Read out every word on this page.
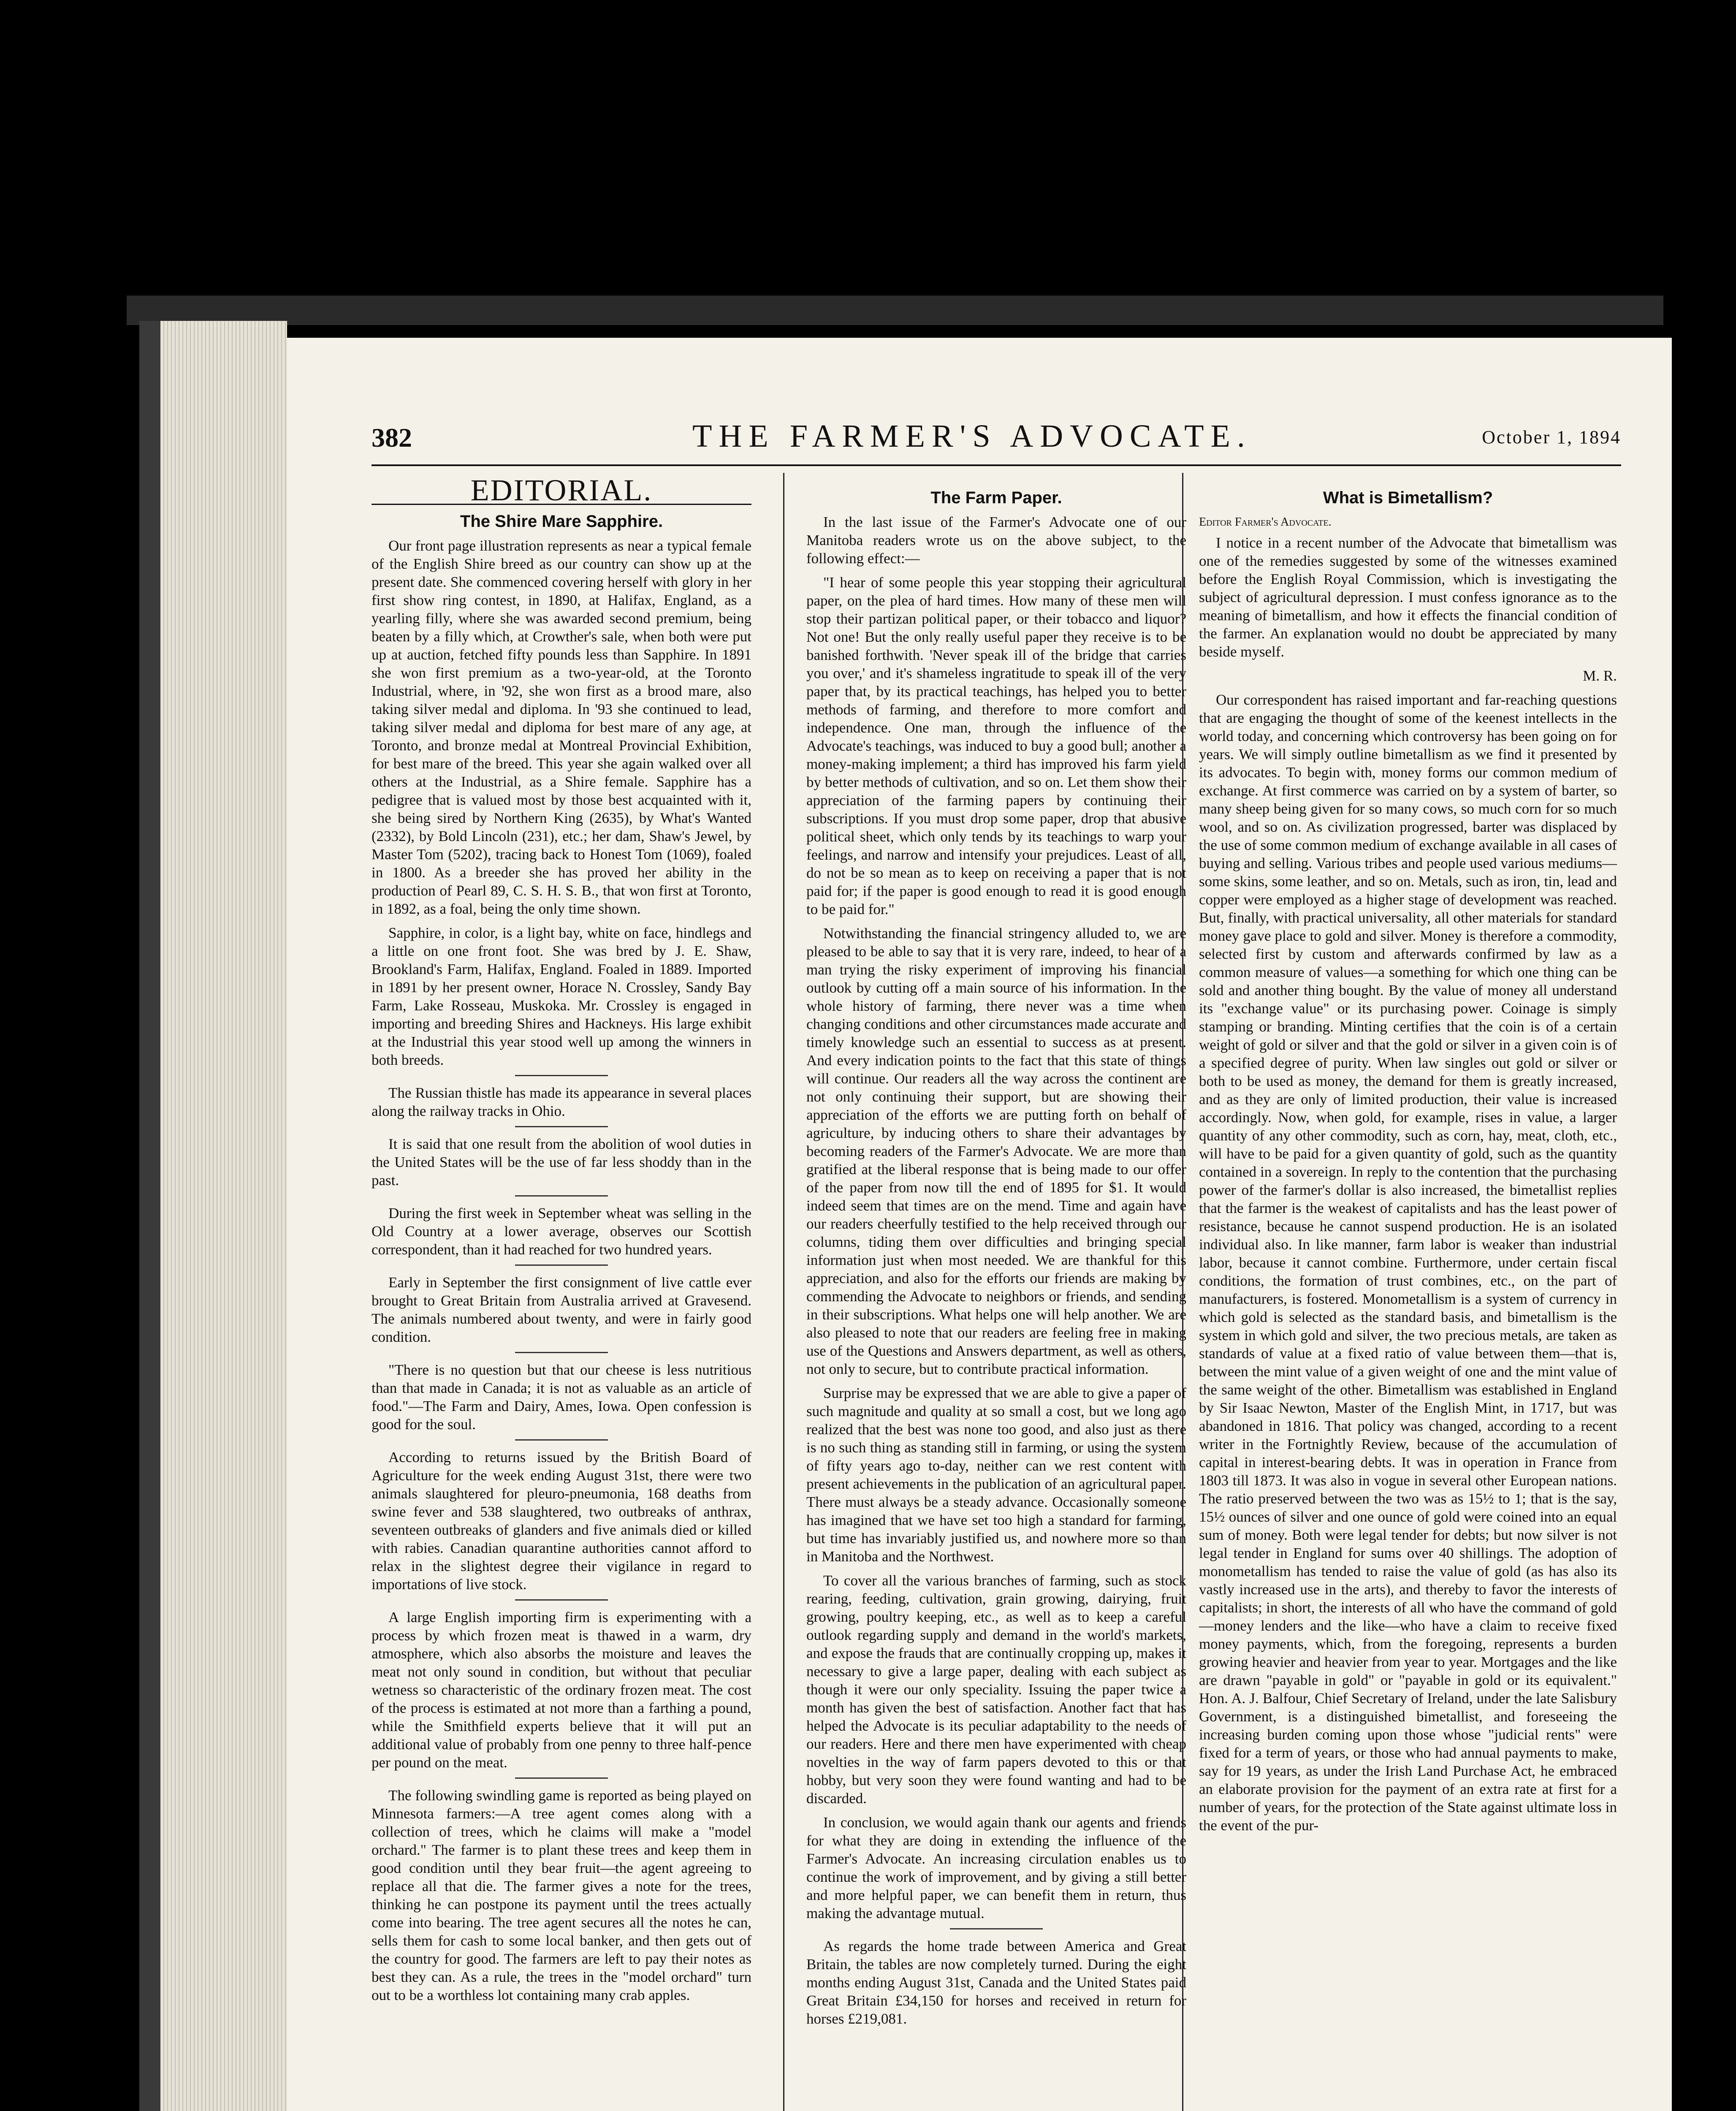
382	THE FARMER'S ADVOCATE.	October 1, 1894
EDITORIAL.
The Shire Mare Sapphire.

Our front page illustration represents as near a typical female of the English Shire breed as our country can show up at the present date. She commenced covering herself with glory in her first show ring contest, in 1890, at Halifax, England, as a yearling filly, where she was awarded second premium, being beaten by a filly which, at Crowther's sale, when both were put up at auction, fetched fifty pounds less than Sapphire. In 1891 she won first premium as a two-year-old, at the Toronto Industrial, where, in '92, she won first as a brood mare, also taking silver medal and diploma. In '93 she continued to lead, taking silver medal and diploma for best mare of any age, at Toronto, and bronze medal at Montreal Provincial Exhibition, for best mare of the breed. This year she again walked over all others at the Industrial, as a Shire female. Sapphire has a pedigree that is valued most by those best acquainted with it, she being sired by Northern King (2635), by What's Wanted (2332), by Bold Lincoln (231), etc.; her dam, Shaw's Jewel, by Master Tom (5202), tracing back to Honest Tom (1069), foaled in 1800. As a breeder she has proved her ability in the production of Pearl 89, C. S. H. S. B., that won first at Toronto, in 1892, as a foal, being the only time shown.

Sapphire, in color, is a light bay, white on face, hindlegs and a little on one front foot. She was bred by J. E. Shaw, Brookland's Farm, Halifax, England. Foaled in 1889. Imported in 1891 by her present owner, Horace N. Crossley, Sandy Bay Farm, Lake Rosseau, Muskoka. Mr. Crossley is engaged in importing and breeding Shires and Hackneys. His large exhibit at the Industrial this year stood well up among the winners in both breeds.

The Russian thistle has made its appearance in several places along the railway tracks in Ohio.

It is said that one result from the abolition of wool duties in the United States will be the use of far less shoddy than in the past.

During the first week in September wheat was selling in the Old Country at a lower average, observes our Scottish correspondent, than it had reached for two hundred years.

Early in September the first consignment of live cattle ever brought to Great Britain from Australia arrived at Gravesend. The animals numbered about twenty, and were in fairly good condition.

"There is no question but that our cheese is less nutritious than that made in Canada; it is not as valuable as an article of food."—The Farm and Dairy, Ames, Iowa. Open confession is good for the soul.

According to returns issued by the British Board of Agriculture for the week ending August 31st, there were two animals slaughtered for pleuro-pneumonia, 168 deaths from swine fever and 538 slaughtered, two outbreaks of anthrax, seventeen outbreaks of glanders and five animals died or killed with rabies. Canadian quarantine authorities cannot afford to relax in the slightest degree their vigilance in regard to importations of live stock.

A large English importing firm is experimenting with a process by which frozen meat is thawed in a warm, dry atmosphere, which also absorbs the moisture and leaves the meat not only sound in condition, but without that peculiar wetness so characteristic of the ordinary frozen meat. The cost of the process is estimated at not more than a farthing a pound, while the Smithfield experts believe that it will put an additional value of probably from one penny to three half-pence per pound on the meat.

The following swindling game is reported as being played on Minnesota farmers:—A tree agent comes along with a collection of trees, which he claims will make a "model orchard." The farmer is to plant these trees and keep them in good condition until they bear fruit—the agent agreeing to replace all that die. The farmer gives a note for the trees, thinking he can postpone its payment until the trees actually come into bearing. The tree agent secures all the notes he can, sells them for cash to some local banker, and then gets out of the country for good. The farmers are left to pay their notes as best they can. As a rule, the trees in the "model orchard" turn out to be a worthless lot containing many crab apples.

The Farm Paper.

In the last issue of the Farmer's Advocate one of our Manitoba readers wrote us on the above subject, to the following effect:—

"I hear of some people this year stopping their agricultural paper, on the plea of hard times. How many of these men will stop their partizan political paper, or their tobacco and liquor? Not one! But the only really useful paper they receive is to be banished forthwith. 'Never speak ill of the bridge that carries you over,' and it's shameless ingratitude to speak ill of the very paper that, by its practical teachings, has helped you to better methods of farming, and therefore to more comfort and independence. One man, through the influence of the Advocate's teachings, was induced to buy a good bull; another a money-making implement; a third has improved his farm yield by better methods of cultivation, and so on. Let them show their appreciation of the farming papers by continuing their subscriptions. If you must drop some paper, drop that abusive political sheet, which only tends by its teachings to warp your feelings, and narrow and intensify your prejudices. Least of all, do not be so mean as to keep on receiving a paper that is not paid for; if the paper is good enough to read it is good enough to be paid for."

Notwithstanding the financial stringency alluded to, we are pleased to be able to say that it is very rare, indeed, to hear of a man trying the risky experiment of improving his financial outlook by cutting off a main source of his information. In the whole history of farming, there never was a time when changing conditions and other circumstances made accurate and timely knowledge such an essential to success as at present. And every indication points to the fact that this state of things will continue. Our readers all the way across the continent are not only continuing their support, but are showing their appreciation of the efforts we are putting forth on behalf of agriculture, by inducing others to share their advantages by becoming readers of the Farmer's Advocate. We are more than gratified at the liberal response that is being made to our offer of the paper from now till the end of 1895 for $1. It would indeed seem that times are on the mend. Time and again have our readers cheerfully testified to the help received through our columns, tiding them over difficulties and bringing special information just when most needed. We are thankful for this appreciation, and also for the efforts our friends are making by commending the Advocate to neighbors or friends, and sending in their subscriptions. What helps one will help another. We are also pleased to note that our readers are feeling free in making use of the Questions and Answers department, as well as others, not only to secure, but to contribute practical information.

Surprise may be expressed that we are able to give a paper of such magnitude and quality at so small a cost, but we long ago realized that the best was none too good, and also just as there is no such thing as standing still in farming, or using the system of fifty years ago to-day, neither can we rest content with present achievements in the publication of an agricultural paper. There must always be a steady advance. Occasionally someone has imagined that we have set too high a standard for farming, but time has invariably justified us, and nowhere more so than in Manitoba and the Northwest.

To cover all the various branches of farming, such as stock rearing, feeding, cultivation, grain growing, dairying, fruit growing, poultry keeping, etc., as well as to keep a careful outlook regarding supply and demand in the world's markets, and expose the frauds that are continually cropping up, makes it necessary to give a large paper, dealing with each subject as though it were our only speciality. Issuing the paper twice a month has given the best of satisfaction. Another fact that has helped the Advocate is its peculiar adaptability to the needs of our readers. Here and there men have experimented with cheap novelties in the way of farm papers devoted to this or that hobby, but very soon they were found wanting and had to be discarded.

In conclusion, we would again thank our agents and friends for what they are doing in extending the influence of the Farmer's Advocate. An increasing circulation enables us to continue the work of improvement, and by giving a still better and more helpful paper, we can benefit them in return, thus making the advantage mutual.

As regards the home trade between America and Great Britain, the tables are now completely turned. During the eight months ending August 31st, Canada and the United States paid Great Britain £34,150 for horses and received in return for horses £219,081.

What is Bimetallism?
Editor Farmer's Advocate.

I notice in a recent number of the Advocate that bimetallism was one of the remedies suggested by some of the witnesses examined before the English Royal Commission, which is investigating the subject of agricultural depression. I must confess ignorance as to the meaning of bimetallism, and how it effects the financial condition of the farmer. An explanation would no doubt be appreciated by many beside myself.

M. R.

Our correspondent has raised important and far-reaching questions that are engaging the thought of some of the keenest intellects in the world today, and concerning which controversy has been going on for years. We will simply outline bimetallism as we find it presented by its advocates. To begin with, money forms our common medium of exchange. At first commerce was carried on by a system of barter, so many sheep being given for so many cows, so much corn for so much wool, and so on. As civilization progressed, barter was displaced by the use of some common medium of exchange available in all cases of buying and selling. Various tribes and people used various mediums—some skins, some leather, and so on. Metals, such as iron, tin, lead and copper were employed as a higher stage of development was reached. But, finally, with practical universality, all other materials for standard money gave place to gold and silver. Money is therefore a commodity, selected first by custom and afterwards confirmed by law as a common measure of values—a something for which one thing can be sold and another thing bought. By the value of money all understand its "exchange value" or its purchasing power. Coinage is simply stamping or branding. Minting certifies that the coin is of a certain weight of gold or silver and that the gold or silver in a given coin is of a specified degree of purity. When law singles out gold or silver or both to be used as money, the demand for them is greatly increased, and as they are only of limited production, their value is increased accordingly. Now, when gold, for example, rises in value, a larger quantity of any other commodity, such as corn, hay, meat, cloth, etc., will have to be paid for a given quantity of gold, such as the quantity contained in a sovereign. In reply to the contention that the purchasing power of the farmer's dollar is also increased, the bimetallist replies that the farmer is the weakest of capitalists and has the least power of resistance, because he cannot suspend production. He is an isolated individual also. In like manner, farm labor is weaker than industrial labor, because it cannot combine. Furthermore, under certain fiscal conditions, the formation of trust combines, etc., on the part of manufacturers, is fostered. Monometallism is a system of currency in which gold is selected as the standard basis, and bimetallism is the system in which gold and silver, the two precious metals, are taken as standards of value at a fixed ratio of value between them—that is, between the mint value of a given weight of one and the mint value of the same weight of the other. Bimetallism was established in England by Sir Isaac Newton, Master of the English Mint, in 1717, but was abandoned in 1816. That policy was changed, according to a recent writer in the Fortnightly Review, because of the accumulation of capital in interest-bearing debts. It was in operation in France from 1803 till 1873. It was also in vogue in several other European nations. The ratio preserved between the two was as 15½ to 1; that is the say, 15½ ounces of silver and one ounce of gold were coined into an equal sum of money. Both were legal tender for debts; but now silver is not legal tender in England for sums over 40 shillings. The adoption of monometallism has tended to raise the value of gold (as has also its vastly increased use in the arts), and thereby to favor the interests of capitalists; in short, the interests of all who have the command of gold—money lenders and the like—who have a claim to receive fixed money payments, which, from the foregoing, represents a burden growing heavier and heavier from year to year. Mortgages and the like are drawn "payable in gold" or "payable in gold or its equivalent." Hon. A. J. Balfour, Chief Secretary of Ireland, under the late Salisbury Government, is a distinguished bimetallist, and foreseeing the increasing burden coming upon those whose "judicial rents" were fixed for a term of years, or those who had annual payments to make, say for 19 years, as under the Irish Land Purchase Act, he embraced an elaborate provision for the payment of an extra rate at first for a number of years, for the protection of the State against ultimate loss in the event of the pur-
